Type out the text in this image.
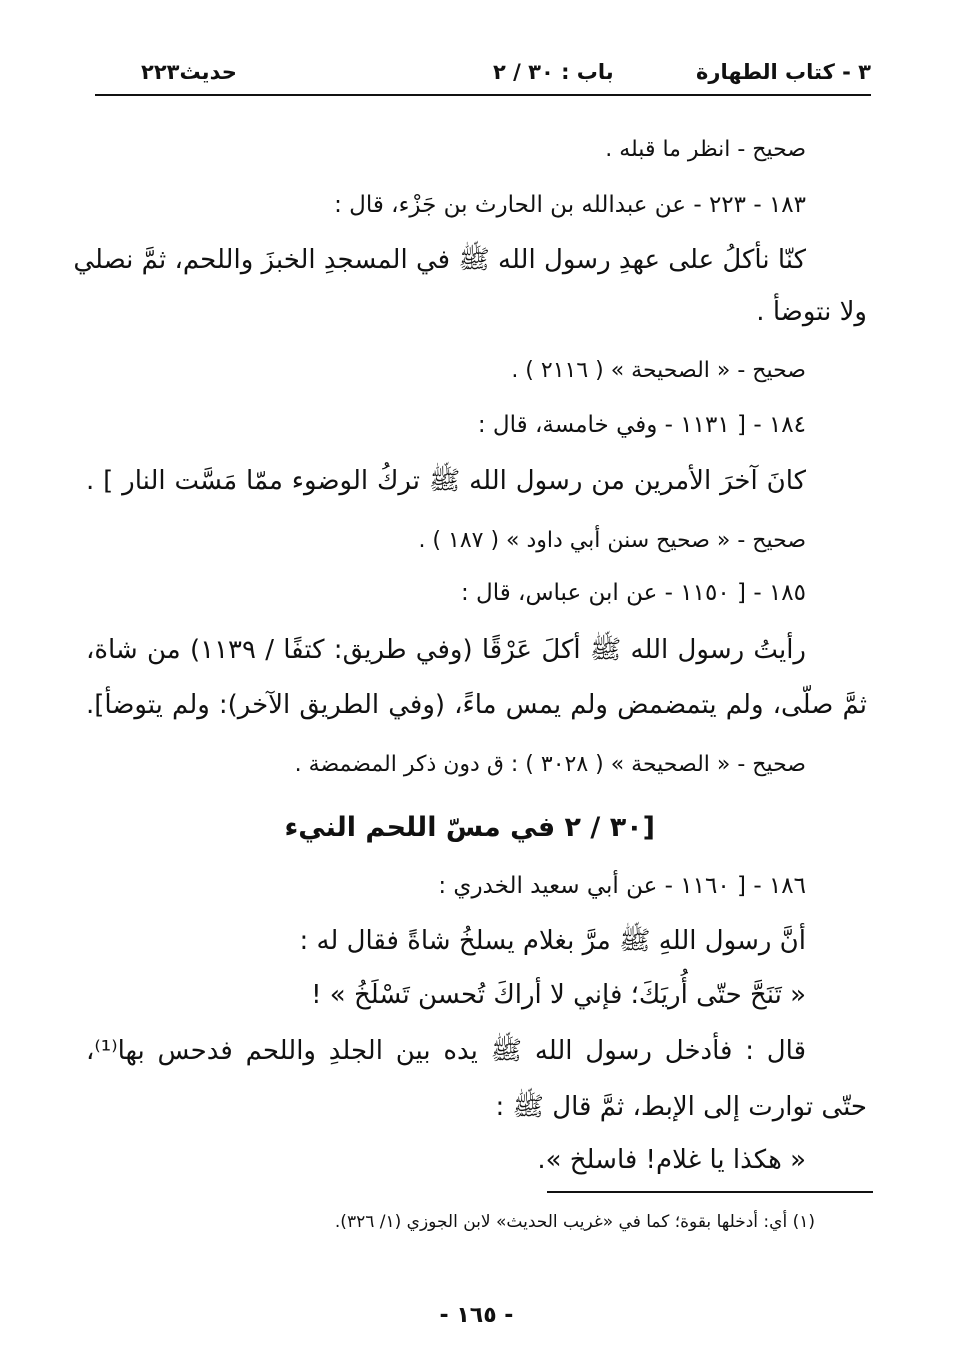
حديث٢٢٣	باب : ٣٠ / ٢	٣ - كتاب الطهارة
صحيح - انظر ما قبله .
١٨٣ - ٢٢٣ - عن عبدالله بن الحارث بن جَزْء، قال :
كنّا نأكلُ على عهدِ رسول الله ﷺ في المسجدِ الخبزَ واللحم، ثمَّ نصلي
ولا نتوضأ .
صحيح - « الصحيحة » ( ٢١١٦ ) .
١٨٤ - [ ١١٣١ - وفي خامسة، قال :
كانَ آخرَ الأمرين من رسول الله ﷺ تركُ الوضوء ممّا مَسَّت النار ] .
صحيح - « صحيح سنن أبي داود » ( ١٨٧ ) .
١٨٥ - [ ١١٥٠ - عن ابن عباس، قال :
رأيتُ رسول الله ﷺ أكلَ عَرْقًا (وفي طريق: كتفًا / ١١٣٩) من شاة،
ثمَّ صلّى، ولم يتمضمض ولم يمس ماءً، (وفي الطريق الآخر): ولم يتوضأ].
صحيح - « الصحيحة » ( ٣٠٢٨ ) : ق دون ذكر المضمضة .
[٣٠ / ٢ في مسّ اللحم النيء
١٨٦ - [ ١١٦٠ - عن أبي سعيد الخدري :
أنَّ رسول اللهِ ﷺ مرَّ بغلام يسلخُ شاةً فقال له :
« تَنَحَّ حتّى أُريَكَ؛ فإني لا أراكَ تُحسن تَسْلَخُ » !
قال : فأدخل رسول الله ﷺ يده بين الجلدِ واللحم فدحس بها⁽¹⁾،
حتّى توارت إلى الإبط، ثمَّ قال ﷺ :
« هكذا يا غلام! فاسلخ ».
(١) أي: أدخلها بقوة؛ كما في «غريب الحديث» لابن الجوزي (١/ ٣٢٦).
- ١٦٥ -
